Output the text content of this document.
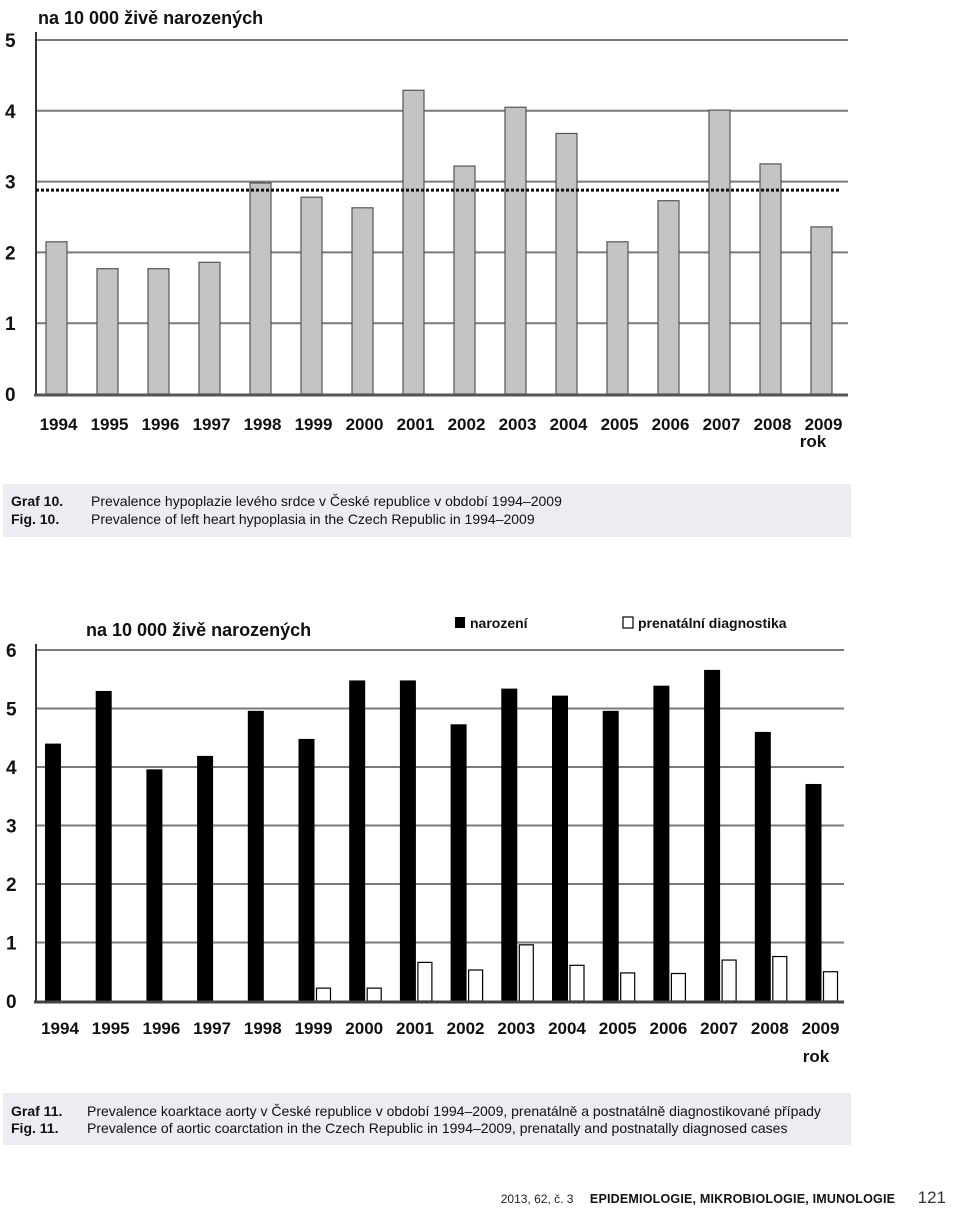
0
1
2
3
4
5
1994 1995 1996 1997 1998 1999 2000 2001 2002 2003 2004 2005 2006 2007 2008 2009
rok
na 10 000 živě narozených
Graf 10. Prevalence hypoplazie levého srdce v České republice v období 1994–2009
Fig. 10. Prevalence of left heart hypoplasia in the Czech Republic in 1994–2009
0
1
2
3
4
5
6
1994 1995 1996 1997 1998 1999 2000 2001 2002 2003 2004 2005 2006 2007 2008 2009
rok
na 10 000 živě narozených	narození	prenatální diagnostika
Graf 11. Prevalence koarktace aorty v České republice v období 1994–2009, prenatálně a postnatálně diagnostikované případy
Fig. 11. Prevalence of aortic coarctation in the Czech Republic in 1994–2009, prenatally and postnatally diagnosed cases
2013, 62, č. 3 EPIDEMIOLOGIE, MIKROBIOLOGIE, IMUNOLOGIE 121
